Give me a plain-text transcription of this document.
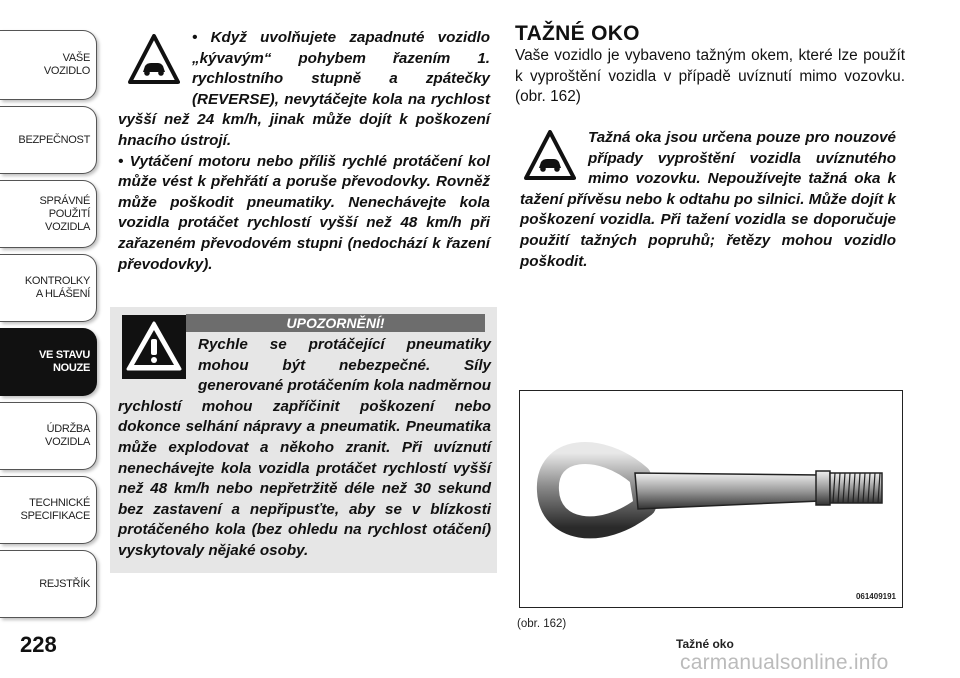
VAŠE
VOZIDLO
BEZPEČNOST
SPRÁVNÉ
POUŽITÍ
VOZIDLA
KONTROLKY
A HLÁŠENÍ
VE STAVU
NOUZE
ÚDRŽBA
VOZIDLA
TECHNICKÉ
SPECIFIKACE
REJSTŘÍK
228

• Když uvolňujete zapadnuté vozidlo „kývavým“ pohybem řazením 1. rychlostního stupně a zpátečky (REVERSE), nevytáčejte kola na rychlost vyšší než 24 km/h, jinak může dojít k poškození hnacího ústrojí.

• Vytáčení motoru nebo příliš rychlé protáčení kol může vést k přehřátí a poruše převodovky. Rovněž může poškodit pneumatiky. Nenechávejte kola vozidla protáčet rychlostí vyšší než 48 km/h při zařazeném převodovém stupni (nedochází k řazení převodovky).

UPOZORNĚNÍ!

Rychle se protáčející pneumatiky mohou být nebezpečné. Síly generované protáčením kola nadměrnou rychlostí mohou zapříčinit poškození nebo dokonce selhání nápravy a pneumatik. Pneumatika může explodovat a někoho zranit. Při uvíznutí nenechávejte kola vozidla protáčet rychlostí vyšší než 48 km/h nebo nepřetržitě déle než 30 sekund bez zastavení a nepřipusťte, aby se v blízkosti protáčeného kola (bez ohledu na rychlost otáčení) vyskytovaly nějaké osoby.

TAŽNÉ OKO

Vaše vozidlo je vybaveno tažným okem, které lze použít k vyproštění vozidla v případě uvíznutí mimo vozovku. (obr. 162)

Tažná oka jsou určena pouze pro nouzové případy vyproštění vozidla uvíznutého mimo vozovku. Nepoužívejte tažná oka k tažení přívěsu nebo k odtahu po silnici. Může dojít k poškození vozidla. Při tažení vozidla se doporučuje použití tažných popruhů; řetězy mohou vozidlo poškodit.

061409191
(obr. 162)
Tažné oko
carmanualsonline.info
